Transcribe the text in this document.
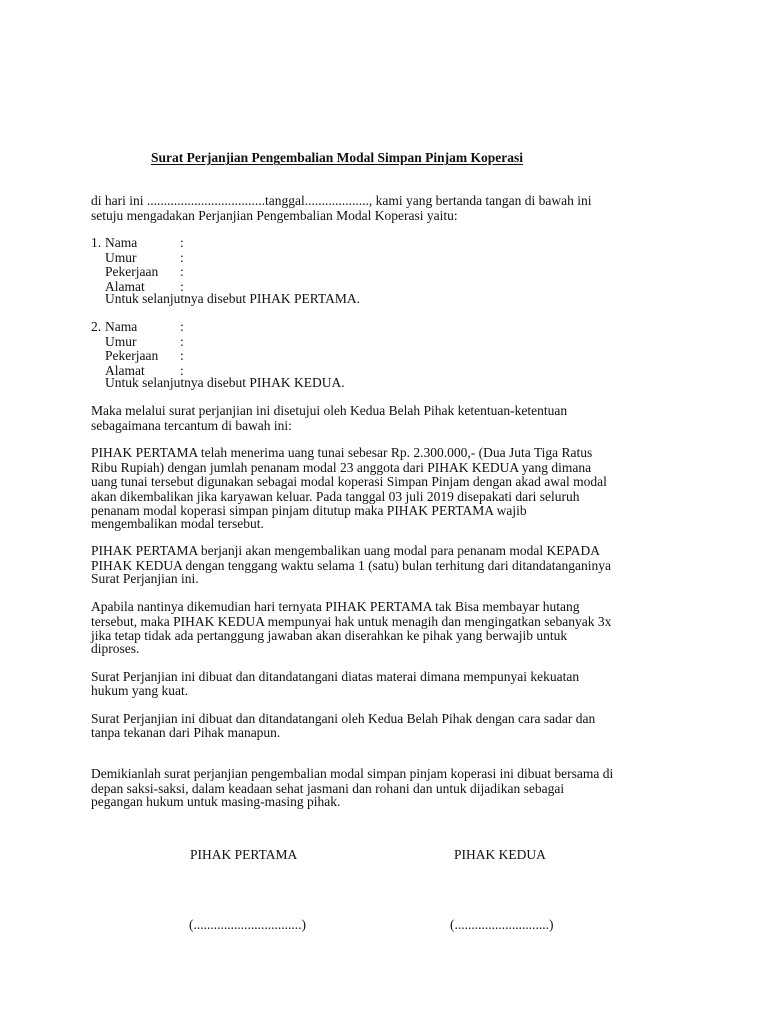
Surat Perjanjian Pengembalian Modal Simpan Pinjam Koperasi
di hari ini ...................................tanggal..................., kami yang bertanda tangan di bawah ini
setuju mengadakan Perjanjian Pengembalian Modal Koperasi yaitu:
1. Nama	:
Umur	:
Pekerjaan :
Alamat	:
Untuk selanjutnya disebut PIHAK PERTAMA.
2. Nama	:
Umur	:
Pekerjaan :
Alamat	:
Untuk selanjutnya disebut PIHAK KEDUA.
Maka melalui surat perjanjian ini disetujui oleh Kedua Belah Pihak ketentuan-ketentuan
sebagaimana tercantum di bawah ini:
PIHAK PERTAMA telah menerima uang tunai sebesar Rp. 2.300.000,- (Dua Juta Tiga Ratus
Ribu Rupiah) dengan jumlah penanam modal 23 anggota dari PIHAK KEDUA yang dimana
uang tunai tersebut digunakan sebagai modal koperasi Simpan Pinjam dengan akad awal modal
akan dikembalikan jika karyawan keluar. Pada tanggal 03 juli 2019 disepakati dari seluruh
penanam modal koperasi simpan pinjam ditutup maka PIHAK PERTAMA wajib
mengembalikan modal tersebut.
PIHAK PERTAMA berjanji akan mengembalikan uang modal para penanam modal KEPADA
PIHAK KEDUA dengan tenggang waktu selama 1 (satu) bulan terhitung dari ditandatanganinya
Surat Perjanjian ini.
Apabila nantinya dikemudian hari ternyata PIHAK PERTAMA tak Bisa membayar hutang
tersebut, maka PIHAK KEDUA mempunyai hak untuk menagih dan mengingatkan sebanyak 3x
jika tetap tidak ada pertanggung jawaban akan diserahkan ke pihak yang berwajib untuk
diproses.
Surat Perjanjian ini dibuat dan ditandatangani diatas materai dimana mempunyai kekuatan
hukum yang kuat.
Surat Perjanjian ini dibuat dan ditandatangani oleh Kedua Belah Pihak dengan cara sadar dan
tanpa tekanan dari Pihak manapun.
Demikianlah surat perjanjian pengembalian modal simpan pinjam koperasi ini dibuat bersama di
depan saksi-saksi, dalam keadaan sehat jasmani dan rohani dan untuk dijadikan sebagai
pegangan hukum untuk masing-masing pihak.
PIHAK PERTAMA	PIHAK KEDUA
(................................)	(............................)
